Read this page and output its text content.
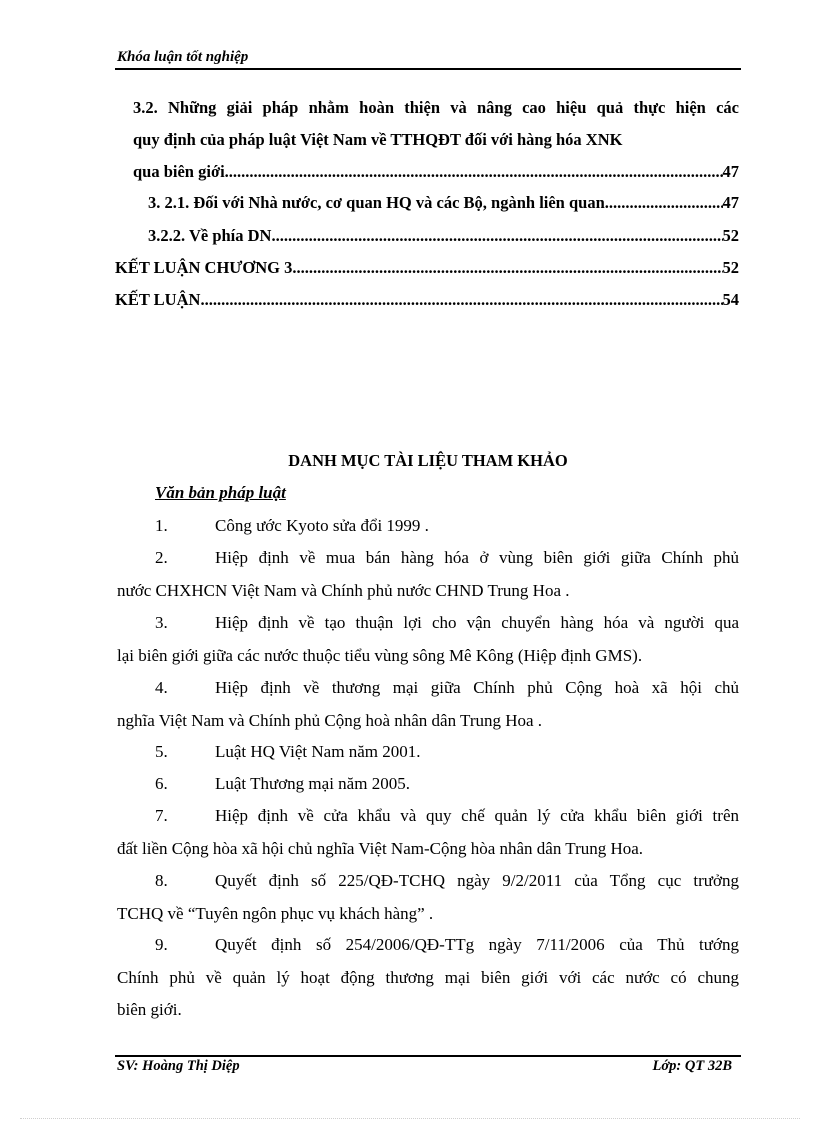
Khóa luận tốt nghiệp
3.2. Những giải pháp nhằm hoàn thiện và nâng cao hiệu quả thực hiện các
quy định của pháp luật Việt Nam về TTHQĐT đối với hàng hóa XNK
qua biên giới .....	47
3. 2.1. Đối với Nhà nước, cơ quan HQ và các Bộ, ngành liên quan .....	47
3.2.2. Về phía DN .....	52
KẾT LUẬN CHƯƠNG 3 .....	52
KẾT LUẬN .....	54
DANH MỤC TÀI LIỆU THAM KHẢO
Văn bản pháp luật
1.	Công ước Kyoto sửa đổi 1999 .
2.	Hiệp định về mua bán hàng hóa ở vùng biên giới giữa Chính phủ
nước CHXHCN Việt Nam và Chính phủ nước CHND Trung Hoa .
3.	Hiệp định về tạo thuận lợi cho vận chuyển hàng hóa và người qua
lại biên giới giữa các nước thuộc tiểu vùng sông Mê Kông (Hiệp định GMS).
4.	Hiệp định về thương mại giữa Chính phủ Cộng hoà xã hội chủ
nghĩa Việt Nam và Chính phủ Cộng hoà nhân dân Trung Hoa .
5.	Luật HQ Việt Nam năm 2001.
6.	Luật Thương mại năm 2005.
7.	Hiệp định về cửa khẩu và quy chế quản lý cửa khẩu biên giới trên
đất liền Cộng hòa xã hội chủ nghĩa Việt Nam-Cộng hòa nhân dân Trung Hoa.
8.	Quyết định số 225/QĐ-TCHQ ngày 9/2/2011 của Tổng cục trưởng
TCHQ về “Tuyên ngôn phục vụ khách hàng” .
9.	Quyết định số 254/2006/QĐ-TTg ngày 7/11/2006 của Thủ tướng
Chính phủ về quản lý hoạt động thương mại biên giới với các nước có chung
biên giới.
SV: Hoàng Thị Diệp	Lớp: QT 32B
